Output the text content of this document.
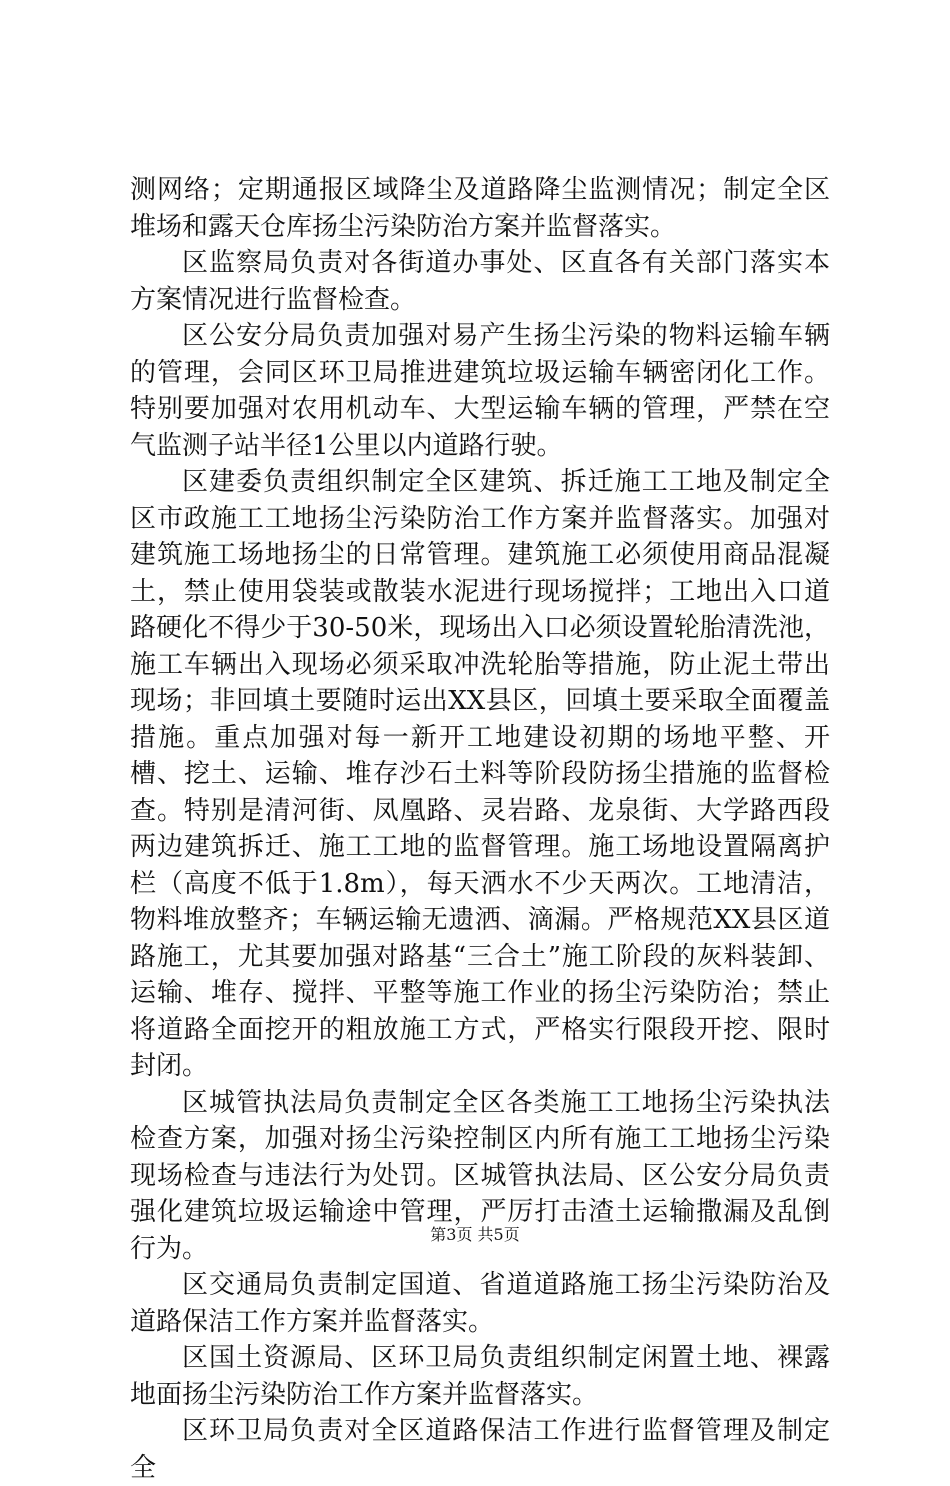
测网络；定期通报区域降尘及道路降尘监测情况；制定全区堆场和露天仓库扬尘污染防治方案并监督落实。

区监察局负责对各街道办事处、区直各有关部门落实本方案情况进行监督检查。

区公安分局负责加强对易产生扬尘污染的物料运输车辆的管理，会同区环卫局推进建筑垃圾运输车辆密闭化工作。特别要加强对农用机动车、大型运输车辆的管理，严禁在空气监测子站半径1公里以内道路行驶。

区建委负责组织制定全区建筑、拆迁施工工地及制定全区市政施工工地扬尘污染防治工作方案并监督落实。加强对建筑施工场地扬尘的日常管理。建筑施工必须使用商品混凝土，禁止使用袋装或散装水泥进行现场搅拌；工地出入口道路硬化不得少于30-50米，现场出入口必须设置轮胎清洗池，施工车辆出入现场必须采取冲洗轮胎等措施，防止泥土带出现场；非回填土要随时运出XX县区，回填土要采取全面覆盖措施。重点加强对每一新开工地建设初期的场地平整、开槽、挖土、运输、堆存沙石土料等阶段防扬尘措施的监督检查。特别是清河街、凤凰路、灵岩路、龙泉街、大学路西段两边建筑拆迁、施工工地的监督管理。施工场地设置隔离护栏（高度不低于1.8m），每天洒水不少天两次。工地清洁，物料堆放整齐；车辆运输无遗洒、滴漏。严格规范XX县区道路施工，尤其要加强对路基“三合土”施工阶段的灰料装卸、运输、堆存、搅拌、平整等施工作业的扬尘污染防治；禁止将道路全面挖开的粗放施工方式，严格实行限段开挖、限时封闭。

区城管执法局负责制定全区各类施工工地扬尘污染执法检查方案，加强对扬尘污染控制区内所有施工工地扬尘污染现场检查与违法行为处罚。区城管执法局、区公安分局负责强化建筑垃圾运输途中管理，严厉打击渣土运输撒漏及乱倒行为。

区交通局负责制定国道、省道道路施工扬尘污染防治及道路保洁工作方案并监督落实。

区国土资源局、区环卫局负责组织制定闲置土地、裸露地面扬尘污染防治工作方案并监督落实。

区环卫局负责对全区道路保洁工作进行监督管理及制定全

第3页 共5页
